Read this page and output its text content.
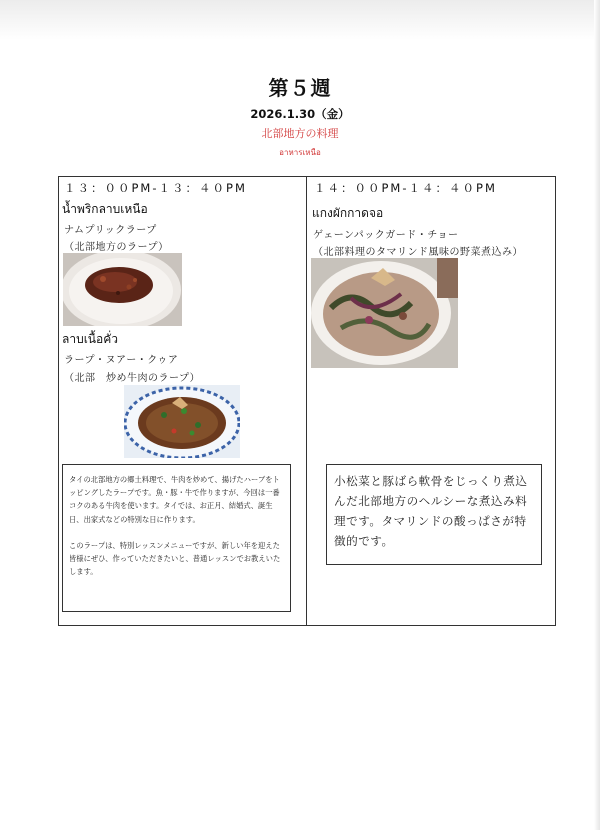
第５週
2026.1.30（金）
北部地方の料理
อาหารเหนือ
１３：００PM-１３：４０PM
น้ำพริกลาบเหนือ
ナムプリックラープ
（北部地方のラープ）
ลาบเนื้อคั่ว
ラープ・ヌアー・クゥア
（北部　炒め牛肉のラープ）

タイの北部地方の郷土料理で、牛肉を炒めて、揚げたハーブをトッピングしたラープです。魚・豚・牛で作りますが、今回は一番コクのある牛肉を使います。タイでは、お正月、結婚式、誕生日、出家式などの特別な日に作ります。

このラープは、特別レッスンメニューですが、新しい年を迎えた皆様にぜひ、作っていただきたいと、普通レッスンでお教えいたします。

１４：００PM-１４：４０PM
แกงผักกาดจอ
ゲェーンパックガード・チョー
（北部料理のタマリンド風味の野菜煮込み）
小松菜と豚ばら軟骨をじっくり煮込んだ北部地方のヘルシーな煮込み料理です。タマリンドの酸っぱさが特徴的です。
